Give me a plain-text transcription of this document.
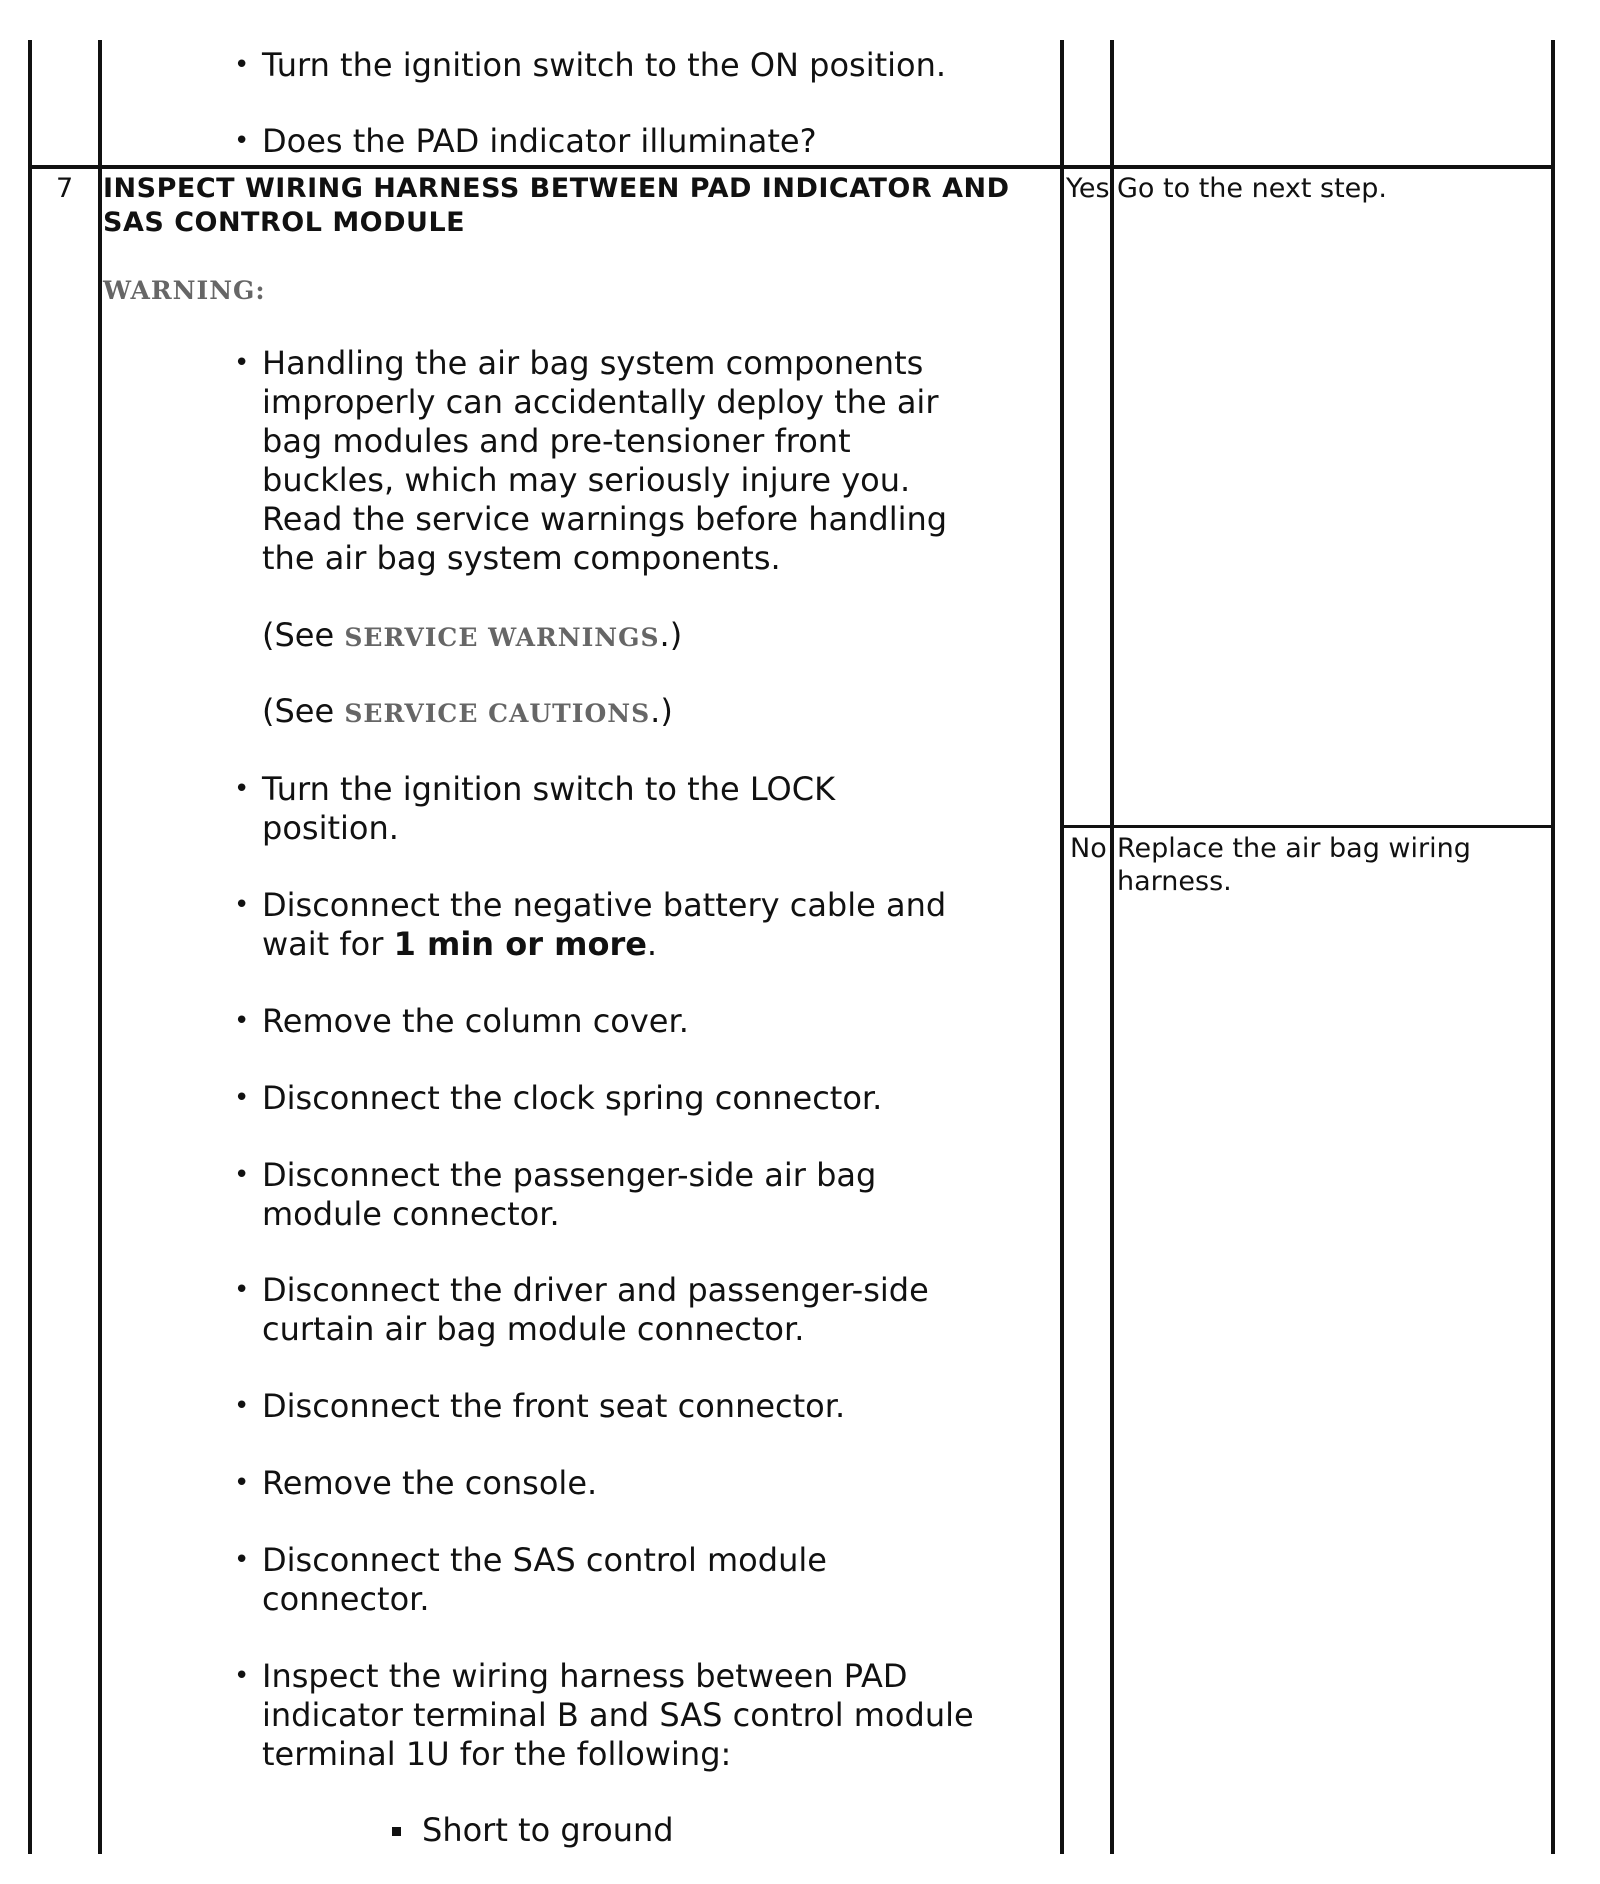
• Turn the ignition switch to the ON position.
• Does the PAD indicator illuminate?
7 INSPECT WIRING HARNESS BETWEEN PAD INDICATOR AND
SAS CONTROL MODULE
WARNING:
• Handling the air bag system components
improperly can accidentally deploy the air
bag modules and pre-tensioner front
buckles, which may seriously injure you.
Read the service warnings before handling
the air bag system components.
(See SERVICE WARNINGS.)
(See SERVICE CAUTIONS.)
• Turn the ignition switch to the LOCK
position.
• Disconnect the negative battery cable and
wait for 1 min or more.
• Remove the column cover.
• Disconnect the clock spring connector.
• Disconnect the passenger-side air bag
module connector.
• Disconnect the driver and passenger-side
curtain air bag module connector.
• Disconnect the front seat connector.
• Remove the console.
• Disconnect the SAS control module
connector.
• Inspect the wiring harness between PAD
indicator terminal B and SAS control module
terminal 1U for the following:
Short to ground
Yes Go to the next step.
No Replace the air bag wiring
harness.
